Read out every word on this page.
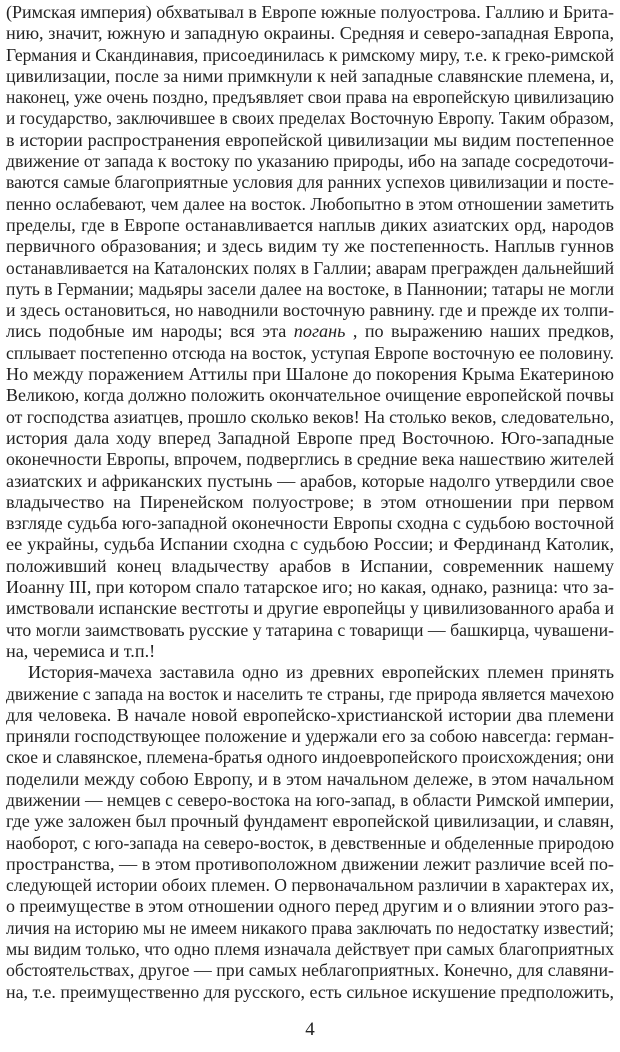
(Римская империя) обхватывал в Европе южные полуострова. Галлию и Брита-
нию, значит, южную и западную окраины. Средняя и северо-западная Европа,
Германия и Скандинавия, присоединилась к римскому миру, т.е. к греко-римской
цивилизации, после за ними примкнули к ней западные славянские племена, и,
наконец, уже очень поздно, предъявляет свои права на европейскую цивилизацию
и государство, заключившее в своих пределах Восточную Европу. Таким образом,
в истории распространения европейской цивилизации мы видим постепенное
движение от запада к востоку по указанию природы, ибо на западе сосредоточи-
ваются самые благоприятные условия для ранних успехов цивилизации и посте-
пенно ослабевают, чем далее на восток. Любопытно в этом отношении заметить
пределы, где в Европе останавливается наплыв диких азиатских орд, народов
первичного образования; и здесь видим ту же постепенность. Наплыв гуннов
останавливается на Каталонских полях в Галлии; аварам прегражден дальнейший
путь в Германии; мадьяры засели далее на востоке, в Паннонии; татары не могли
и здесь остановиться, но наводнили восточную равнину. где и прежде их толпи-
лись подобные им народы; вся эта погань , по выражению наших предков,
сплывает постепенно отсюда на восток, уступая Европе восточную ее половину.
Но между поражением Аттилы при Шалоне до покорения Крыма Екатериною
Великою, когда должно положить окончательное очищение европейской почвы
от господства азиатцев, прошло сколько веков! На столько веков, следовательно,
история дала ходу вперед Западной Европе пред Восточною. Юго-западные
оконечности Европы, впрочем, подверглись в средние века нашествию жителей
азиатских и африканских пустынь — арабов, которые надолго утвердили свое
владычество на Пиренейском полуострове; в этом отношении при первом
взгляде судьба юго-западной оконечности Европы сходна с судьбою восточной
ее украйны, судьба Испании сходна с судьбою России; и Фердинанд Католик,
положивший конец владычеству арабов в Испании, современник нашему
Иоанну III, при котором спало татарское иго; но какая, однако, разница: что за-
имствовали испанские вестготы и другие европейцы у цивилизованного араба и
что могли заимствовать русские у татарина с товарищи — башкирца, чувашени-
на, черемиса и т.п.!
История-мачеха заставила одно из древних европейских племен принять
движение с запада на восток и населить те страны, где природа является мачехою
для человека. В начале новой европейско-христианской истории два племени
приняли господствующее положение и удержали его за собою навсегда: герман-
ское и славянское, племена-братья одного индоевропейского происхождения; они
поделили между собою Европу, и в этом начальном дележе, в этом начальном
движении — немцев с северо-востока на юго-запад, в области Римской империи,
где уже заложен был прочный фундамент европейской цивилизации, и славян,
наоборот, с юго-запада на северо-восток, в девственные и обделенные природою
пространства, — в этом противоположном движении лежит различие всей по-
следующей истории обоих племен. О первоначальном различии в характерах их,
о преимуществе в этом отношении одного перед другим и о влиянии этого раз-
личия на историю мы не имеем никакого права заключать по недостатку известий;
мы видим только, что одно племя изначала действует при самых благоприятных
обстоятельствах, другое — при самых неблагоприятных. Конечно, для славяни-
на, т.е. преимущественно для русского, есть сильное искушение предположить,
4
